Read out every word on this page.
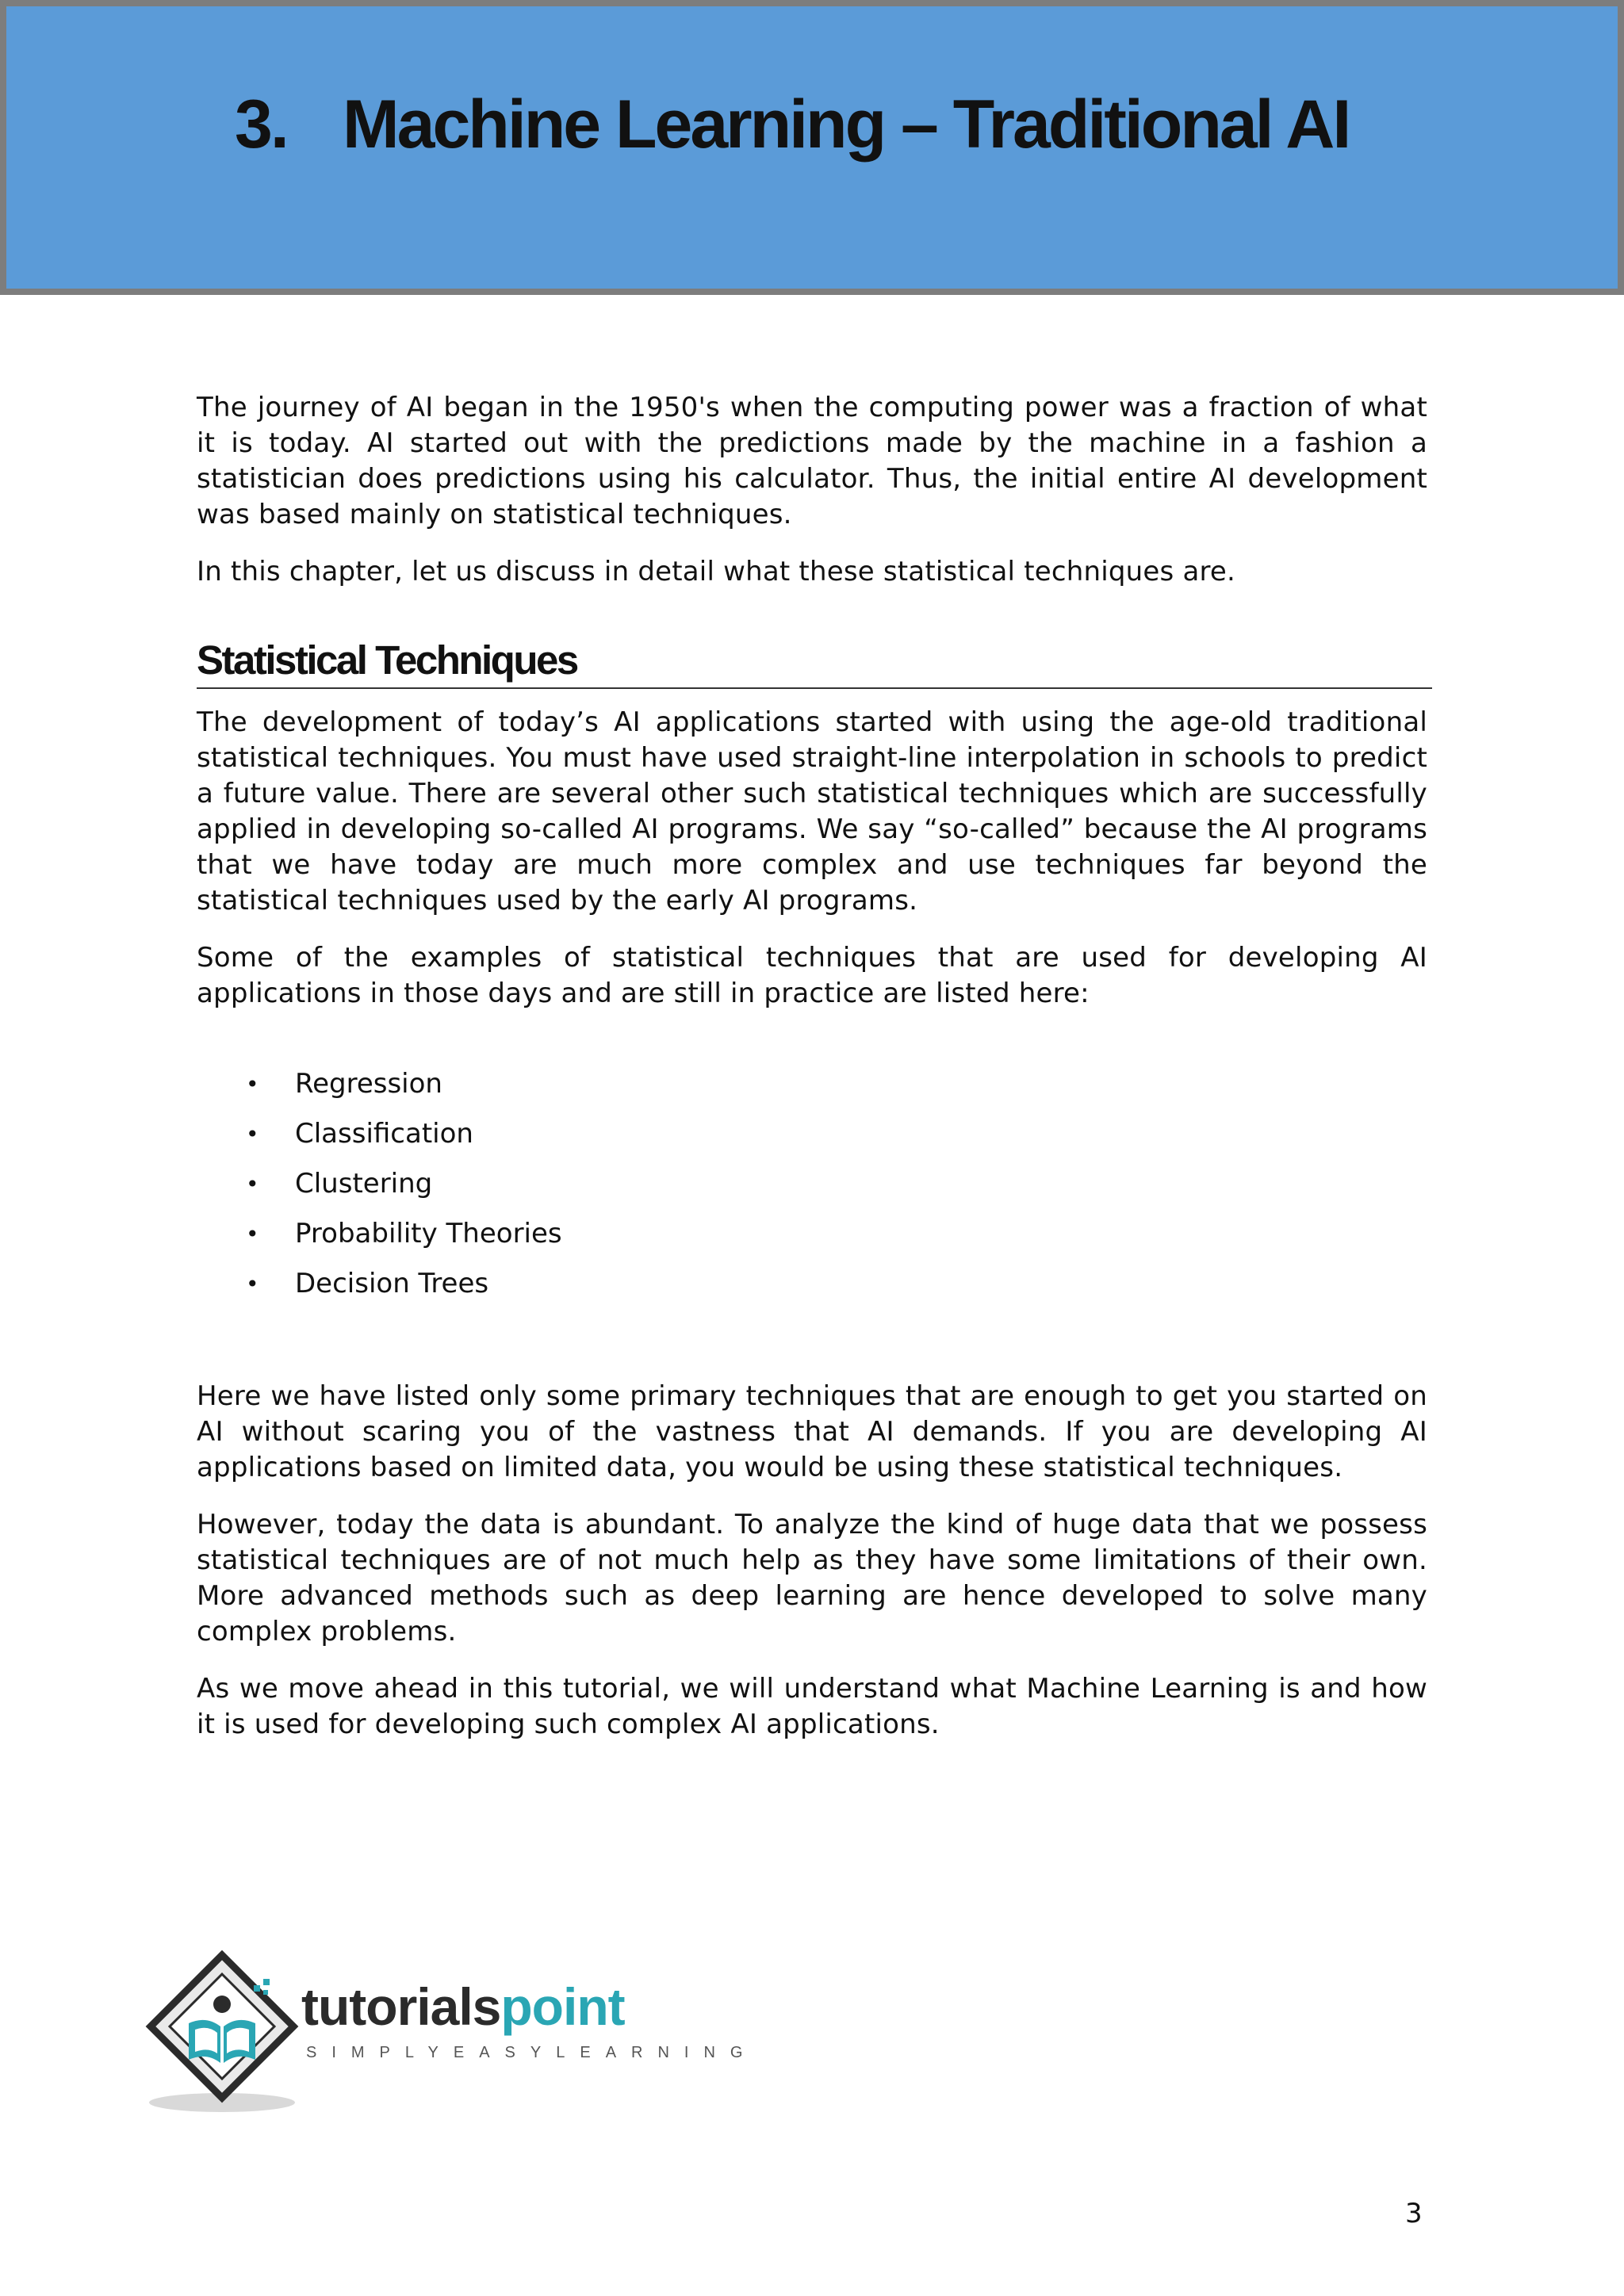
3. Machine Learning – Traditional AI

The journey of AI began in the 1950's when the computing power was a fraction of what it is today. AI started out with the predictions made by the machine in a fashion a statistician does predictions using his calculator. Thus, the initial entire AI development was based mainly on statistical techniques.

In this chapter, let us discuss in detail what these statistical techniques are.

Statistical Techniques

The development of today’s AI applications started with using the age-old traditional statistical techniques. You must have used straight-line interpolation in schools to predict a future value. There are several other such statistical techniques which are successfully applied in developing so-called AI programs. We say “so-called” because the AI programs that we have today are much more complex and use techniques far beyond the statistical techniques used by the early AI programs.

Some of the examples of statistical techniques that are used for developing AI applications in those days and are still in practice are listed here:

• Regression
• Classification
• Clustering
• Probability Theories
• Decision Trees

Here we have listed only some primary techniques that are enough to get you started on AI without scaring you of the vastness that AI demands. If you are developing AI applications based on limited data, you would be using these statistical techniques.

However, today the data is abundant. To analyze the kind of huge data that we possess statistical techniques are of not much help as they have some limitations of their own. More advanced methods such as deep learning are hence developed to solve many complex problems.

As we move ahead in this tutorial, we will understand what Machine Learning is and how it is used for developing such complex AI applications.

tutorialspoint
SIMPLYEASYLEARNING
3
